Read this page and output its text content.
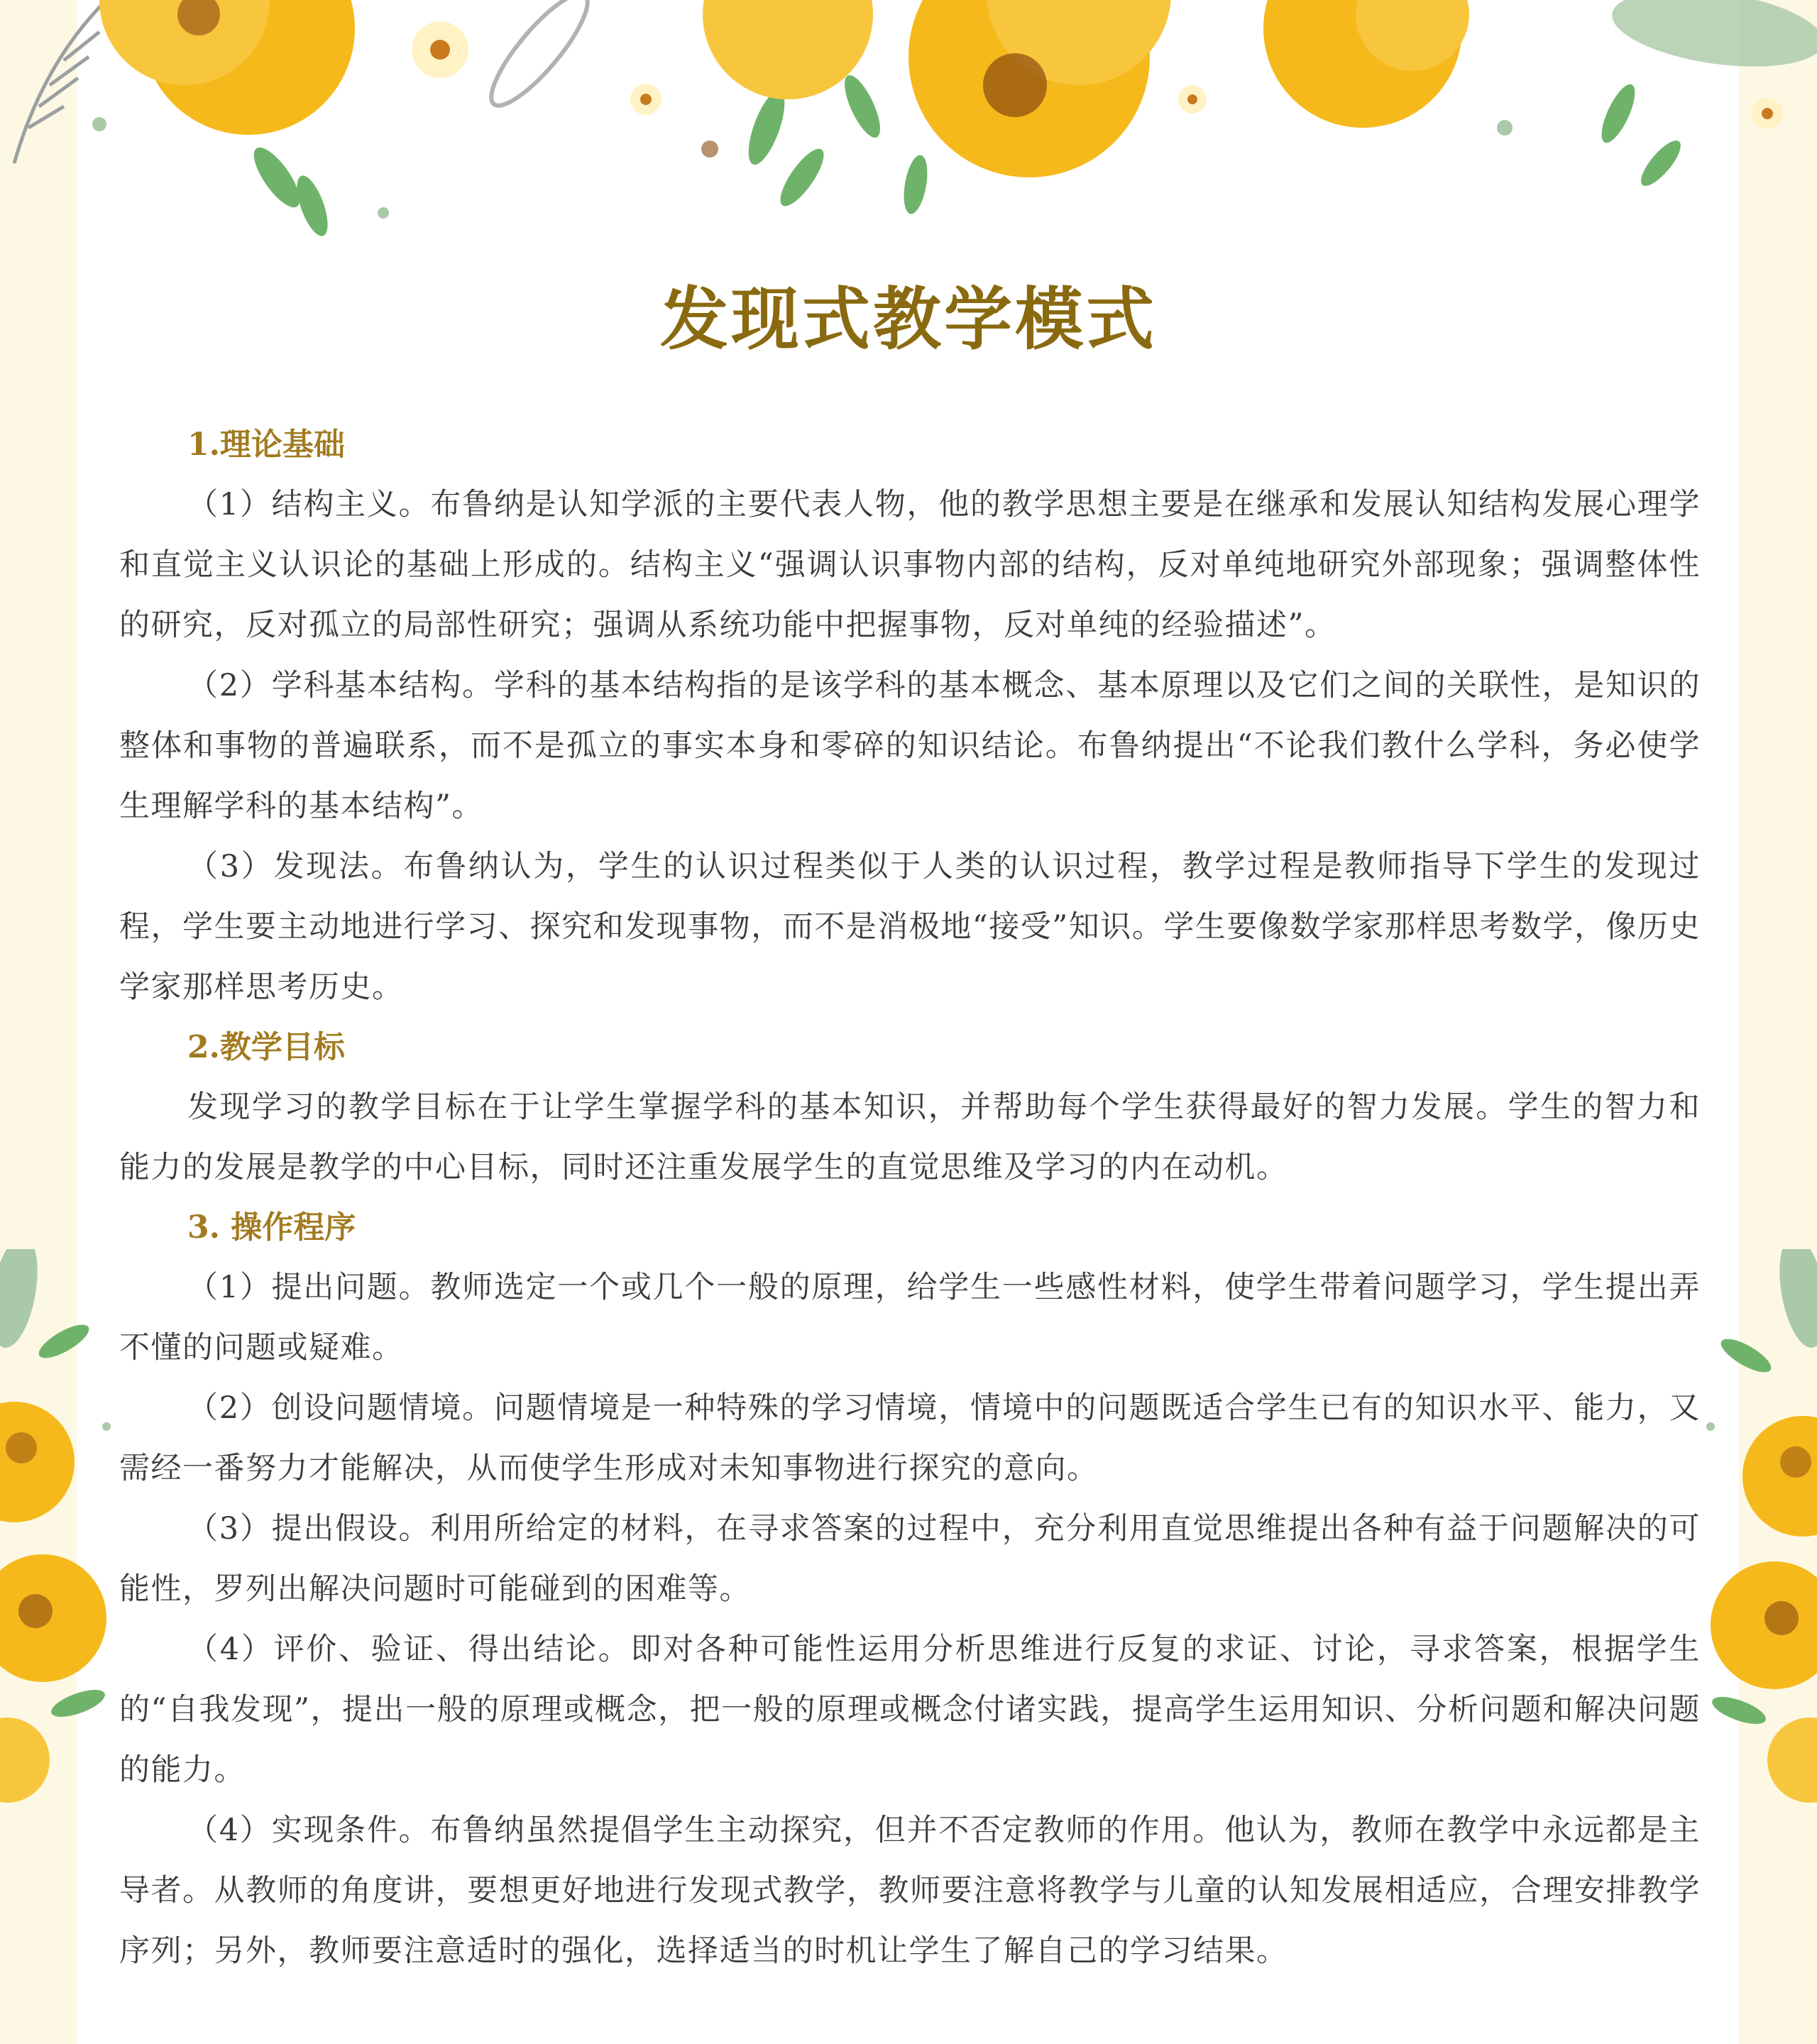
发现式教学模式
1.理论基础

（1）结构主义。布鲁纳是认知学派的主要代表人物，他的教学思想主要是在继承和发展认知结构发展心理学和直觉主义认识论的基础上形成的。结构主义“强调认识事物内部的结构，反对单纯地研究外部现象；强调整体性的研究，反对孤立的局部性研究；强调从系统功能中把握事物，反对单纯的经验描述”。

（2）学科基本结构。学科的基本结构指的是该学科的基本概念、基本原理以及它们之间的关联性，是知识的整体和事物的普遍联系，而不是孤立的事实本身和零碎的知识结论。布鲁纳提出“不论我们教什么学科，务必使学生理解学科的基本结构”。

（3）发现法。布鲁纳认为，学生的认识过程类似于人类的认识过程，教学过程是教师指导下学生的发现过程，学生要主动地进行学习、探究和发现事物，而不是消极地“接受”知识。学生要像数学家那样思考数学，像历史学家那样思考历史。

2.教学目标

发现学习的教学目标在于让学生掌握学科的基本知识，并帮助每个学生获得最好的智力发展。学生的智力和能力的发展是教学的中心目标，同时还注重发展学生的直觉思维及学习的内在动机。

3. 操作程序

（1）提出问题。教师选定一个或几个一般的原理，给学生一些感性材料，使学生带着问题学习，学生提出弄不懂的问题或疑难。

（2）创设问题情境。问题情境是一种特殊的学习情境，情境中的问题既适合学生已有的知识水平、能力，又需经一番努力才能解决，从而使学生形成对未知事物进行探究的意向。

（3）提出假设。利用所给定的材料，在寻求答案的过程中，充分利用直觉思维提出各种有益于问题解决的可能性，罗列出解决问题时可能碰到的困难等。

（4）评价、验证、得出结论。即对各种可能性运用分析思维进行反复的求证、讨论，寻求答案，根据学生的“自我发现”，提出一般的原理或概念，把一般的原理或概念付诸实践，提高学生运用知识、分析问题和解决问题的能力。

（4）实现条件。布鲁纳虽然提倡学生主动探究，但并不否定教师的作用。他认为，教师在教学中永远都是主导者。从教师的角度讲，要想更好地进行发现式教学，教师要注意将教学与儿童的认知发展相适应，合理安排教学序列；另外，教师要注意适时的强化，选择适当的时机让学生了解自己的学习结果。
